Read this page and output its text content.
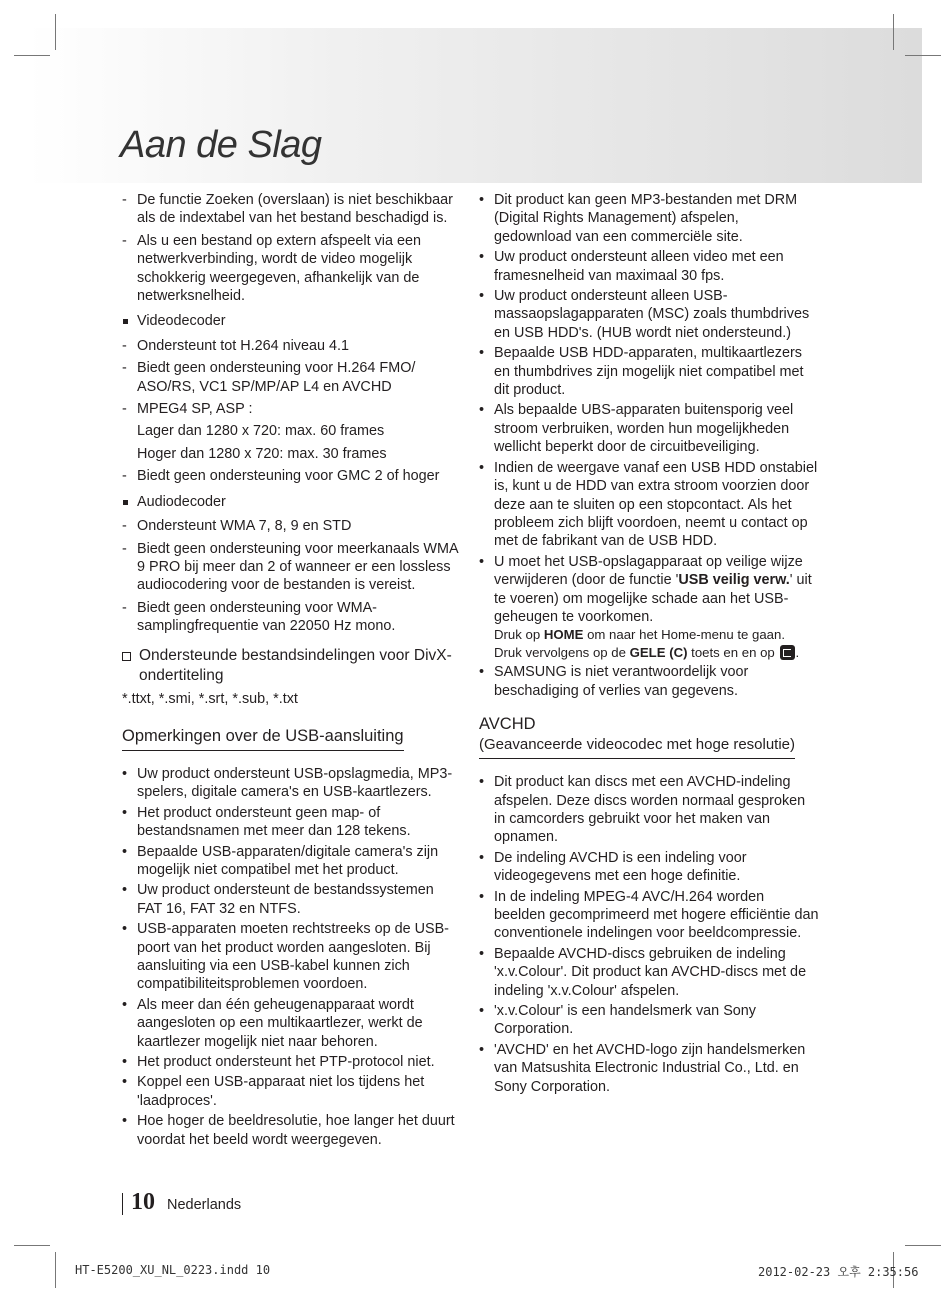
Aan de Slag
- De functie Zoeken (overslaan) is niet beschikbaar als de indextabel van het bestand beschadigd is.
- Als u een bestand op extern afspeelt via een netwerkverbinding, wordt de video mogelijk schokkerig weergegeven, afhankelijk van de netwerksnelheid.
Videodecoder
- Ondersteunt tot H.264 niveau 4.1
- Biedt geen ondersteuning voor H.264 FMO/ ASO/RS, VC1 SP/MP/AP L4 en AVCHD
- MPEG4 SP, ASP :
Lager dan 1280 x 720: max. 60 frames
Hoger dan 1280 x 720: max. 30 frames
- Biedt geen ondersteuning voor GMC 2 of hoger
Audiodecoder
- Ondersteunt WMA 7, 8, 9 en STD
- Biedt geen ondersteuning voor meerkanaals WMA 9 PRO bij meer dan 2 of wanneer er een lossless audiocodering voor de bestanden is vereist.
- Biedt geen ondersteuning voor WMA-samplingfrequentie van 22050 Hz mono.
Ondersteunde bestandsindelingen voor DivX-ondertiteling
*.ttxt, *.smi, *.srt, *.sub, *.txt
Opmerkingen over de USB-aansluiting
• Uw product ondersteunt USB-opslagmedia, MP3-spelers, digitale camera's en USB-kaartlezers.
• Het product ondersteunt geen map- of bestandsnamen met meer dan 128 tekens.
• Bepaalde USB-apparaten/digitale camera's zijn mogelijk niet compatibel met het product.
• Uw product ondersteunt de bestandssystemen FAT 16, FAT 32 en NTFS.
• USB-apparaten moeten rechtstreeks op de USB-poort van het product worden aangesloten. Bij aansluiting via een USB-kabel kunnen zich compatibiliteitsproblemen voordoen.
• Als meer dan één geheugenapparaat wordt aangesloten op een multikaartlezer, werkt de kaartlezer mogelijk niet naar behoren.
• Het product ondersteunt het PTP-protocol niet.
• Koppel een USB-apparaat niet los tijdens het 'laadproces'.
• Hoe hoger de beeldresolutie, hoe langer het duurt voordat het beeld wordt weergegeven.
• Dit product kan geen MP3-bestanden met DRM (Digital Rights Management) afspelen, gedownload van een commerciële site.
• Uw product ondersteunt alleen video met een framesnelheid van maximaal 30 fps.
• Uw product ondersteunt alleen USB-massaopslagapparaten (MSC) zoals thumbdrives en USB HDD's. (HUB wordt niet ondersteund.)
• Bepaalde USB HDD-apparaten, multikaartlezers en thumbdrives zijn mogelijk niet compatibel met dit product.
• Als bepaalde UBS-apparaten buitensporig veel stroom verbruiken, worden hun mogelijkheden wellicht beperkt door de circuitbeveiliging.
• Indien de weergave vanaf een USB HDD onstabiel is, kunt u de HDD van extra stroom voorzien door deze aan te sluiten op een stopcontact. Als het probleem zich blijft voordoen, neemt u contact op met de fabrikant van de USB HDD.
• U moet het USB-opslagapparaat op veilige wijze verwijderen (door de functie 'USB veilig verw.' uit te voeren) om mogelijke schade aan het USB-geheugen te voorkomen.
Druk op HOME om naar het Home-menu te gaan.
Druk vervolgens op de GELE (C) toets en en op .
• SAMSUNG is niet verantwoordelijk voor beschadiging of verlies van gegevens.
AVCHD
(Geavanceerde videocodec met hoge resolutie)
• Dit product kan discs met een AVCHD-indeling afspelen. Deze discs worden normaal gesproken in camcorders gebruikt voor het maken van opnamen.
• De indeling AVCHD is een indeling voor videogegevens met een hoge definitie.
• In de indeling MPEG-4 AVC/H.264 worden beelden gecomprimeerd met hogere efficiëntie dan conventionele indelingen voor beeldcompressie.
• Bepaalde AVCHD-discs gebruiken de indeling 'x.v.Colour'. Dit product kan AVCHD-discs met de indeling 'x.v.Colour' afspelen.
• 'x.v.Colour' is een handelsmerk van Sony Corporation.
• 'AVCHD' en het AVCHD-logo zijn handelsmerken van Matsushita Electronic Industrial Co., Ltd. en Sony Corporation.
10 Nederlands
HT-E5200_XU_NL_0223.indd 10	2012-02-23 오후 2:35:56
